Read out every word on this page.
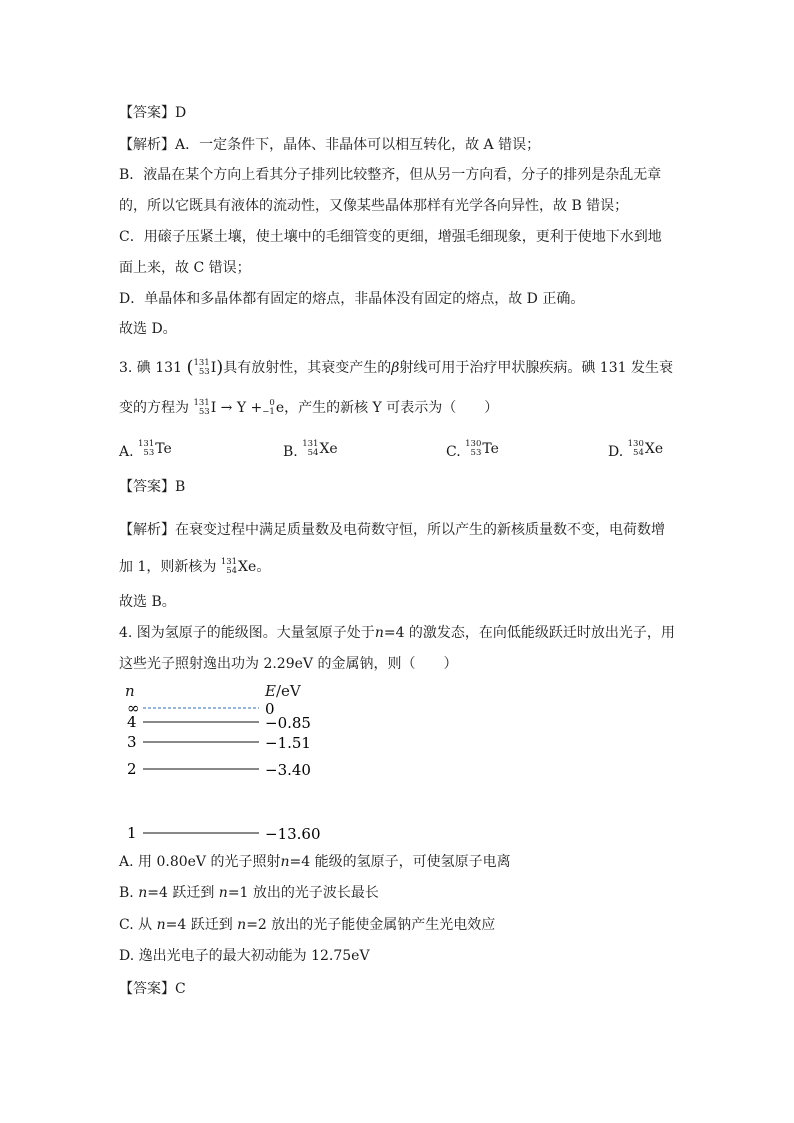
【答案】D
【解析】A．一定条件下，晶体、非晶体可以相互转化，故 A 错误；
B．液晶在某个方向上看其分子排列比较整齐，但从另一方向看，分子的排列是杂乱无章
的，所以它既具有液体的流动性，又像某些晶体那样有光学各向异性，故 B 错误；
C．用磙子压紧土壤，使土壤中的毛细管变的更细，增强毛细现象，更利于使地下水到地
面上来，故 C 错误；
D．单晶体和多晶体都有固定的熔点，非晶体没有固定的熔点，故 D 正确。
故选 D。
3. 碘 131 ( 131
53 I)具有放射性，其衰变产生的β射线可用于治疗甲状腺疾病。碘 131 发生衰
变的方程为 131
53 I → Y + 0
−1 e，产生的新核 Y 可表示为（　　）
A. 131
53 Te	B. 131
54 Xe	C. 130
53 Te	D. 130
54 Xe
【答案】B
【解析】在衰变过程中满足质量数及电荷数守恒，所以产生的新核质量数不变，电荷数增
加 1，则新核为 131
54 Xe。
故选 B。
4. 图为氢原子的能级图。大量氢原子处于n=4 的激发态，在向低能级跃迁时放出光子，用
这些光子照射逸出功为 2.29eV 的金属钠，则（　　）
n	E/eV
∞	0
4	−0.85
3	−1.51
2	−3.40
1	−13.60
A. 用 0.80eV 的光子照射n=4 能级的氢原子，可使氢原子电离
B. n=4 跃迁到 n=1 放出的光子波长最长
C. 从 n=4 跃迁到 n=2 放出的光子能使金属钠产生光电效应
D. 逸出光电子的最大初动能为 12.75eV
【答案】C
